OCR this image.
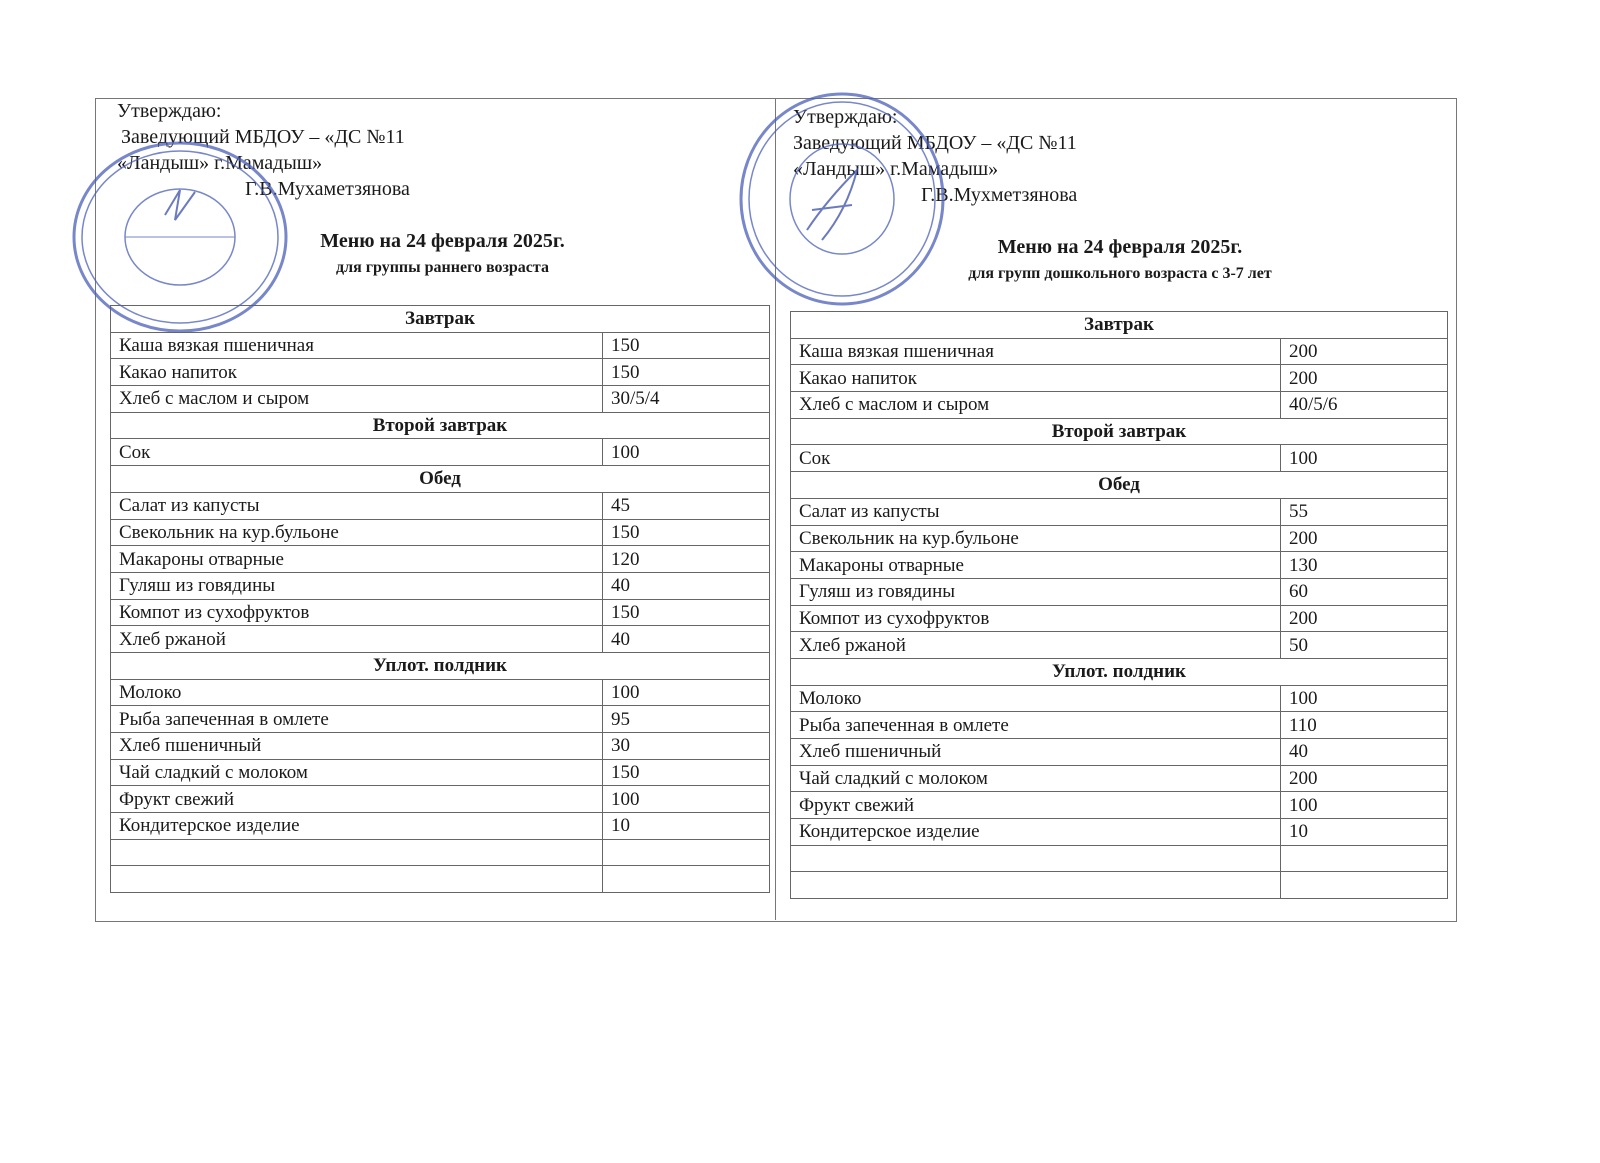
Утверждаю:
Заведующий МБДОУ – «ДС №11
«Ландыш» г.Мамадыш»
Г.В.Мухаметзянова
Меню на 24 февраля 2025г.
для группы раннего возраста
Завтрак	
Каша вязкая пшеничная	150
Какао напиток	150
Хлеб с маслом и сыром	30/5/4
Второй завтрак	
Сок	100
Обед	
Салат из капусты	45
Свекольник на кур.бульоне	150
Макароны отварные	120
Гуляш из говядины	40
Компот из сухофруктов	150
Хлеб ржаной	40
Уплот. полдник	
Молоко	100
Рыба запеченная в омлете	95
Хлеб пшеничный	30
Чай сладкий с молоком	150
Фрукт свежий	100
Кондитерское изделие	10

Утверждаю:
Заведующий МБДОУ – «ДС №11
«Ландыш» г.Мамадыш»
Г.В.Мухметзянова
Меню на 24 февраля 2025г.
для групп дошкольного возраста с 3-7 лет
Завтрак	
Каша вязкая пшеничная	200
Какао напиток	200
Хлеб с маслом и сыром	40/5/6
Второй завтрак	
Сок	100
Обед	
Салат из капусты	55
Свекольник на кур.бульоне	200
Макароны отварные	130
Гуляш из говядины	60
Компот из сухофруктов	200
Хлеб ржаной	50
Уплот. полдник	
Молоко	100
Рыба запеченная в омлете	110
Хлеб пшеничный	40
Чай сладкий с молоком	200
Фрукт свежий	100
Кондитерское изделие	10
